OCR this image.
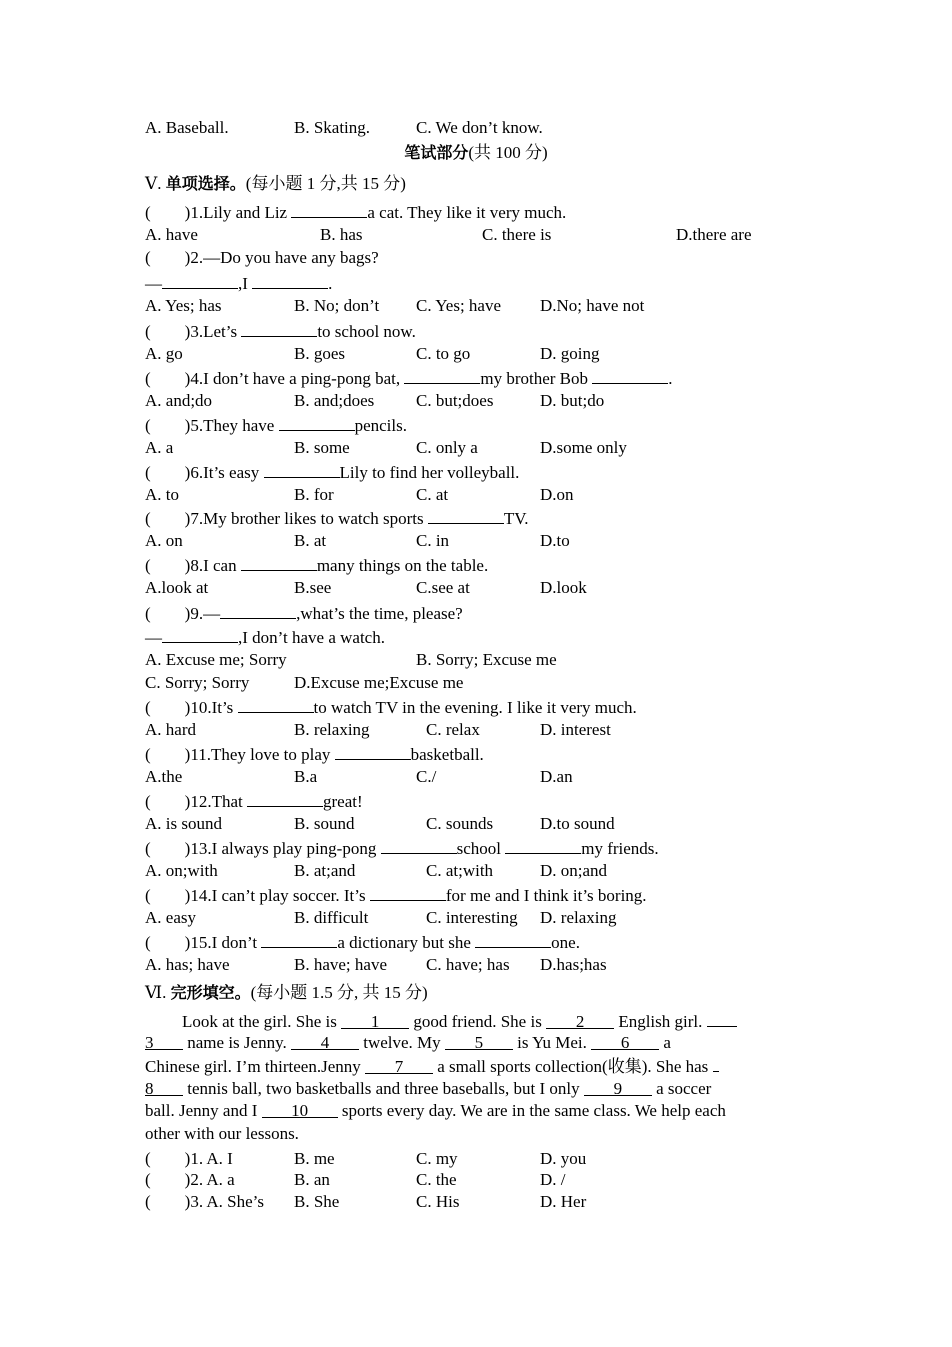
A. Baseball.	B. Skating.	C. We don’t know.
笔试部分(共 100 分)
Ⅴ. 单项选择。(每小题 1 分,共 15 分)
(        )1.Lily and Liz	a cat. They like it very much.
A. have	B. has	C. there is	D.there are
(        )2.—Do you have any bags?
—	,I	.
A. Yes; has	B. No; don’t C. Yes; have D.No; have not
(        )3.Let’s	to school now.
A. go	B. goes	C. to go	D. going
(        )4.I don’t have a ping-pong bat,	my brother Bob	.
A. and;do	B. and;does C. but;does	D. but;do
(        )5.They have	pencils.
A. a	B. some	C. only a	D.some only
(        )6.It’s easy	Lily to find her volleyball.
A. to	B. for	C. at	D.on
(        )7.My brother likes to watch sports	TV.
A. on	B. at	C. in	D.to
(        )8.I can	many things on the table.
A.look at	B.see	C.see at	D.look
(        )9.—	,what’s the time, please?
—	,I don’t have a watch.
A. Excuse me; Sorry	B. Sorry; Excuse me
C. Sorry; Sorry	D.Excuse me;Excuse me
(        )10.It’s	to watch TV in the evening. I like it very much.
A. hard	B. relaxing	C. relax	D. interest
(        )11.They love to play	basketball.
A.the	B.a	C./	D.an
(        )12.That	great!
A. is sound	B. sound	C. sounds	D.to sound
(        )13.I always play ping-pong	school	my friends.
A. on;with	B. at;and	C. at;with	D. on;and
(        )14.I can’t play soccer. It’s	for me and I think it’s boring.
A. easy	B. difficult	C. interesting D. relaxing
(        )15.I don’t	a dictionary but she	one.
A. has; have	B. have; have C. have; has D.has;has
Ⅵ. 完形填空。(每小题 1.5 分, 共 15 分)
Look at the girl. She is 1 good friend. She is 2 English girl.
3 name is Jenny. 4 twelve. My 5 is Yu Mei. 6 a
Chinese girl. I’m thirteen.Jenny 7 a small sports collection(收集). She has
8 tennis ball, two basketballs and three baseballs, but I only 9 a soccer
ball. Jenny and I 10 sports every day. We are in the same class. We help each
other with our lessons.
(        )1. A. I	B. me	C. my	D. you
(        )2. A. a	B. an	C. the	D. /
(        )3. A. She’s B. She	C. His	D. Her
